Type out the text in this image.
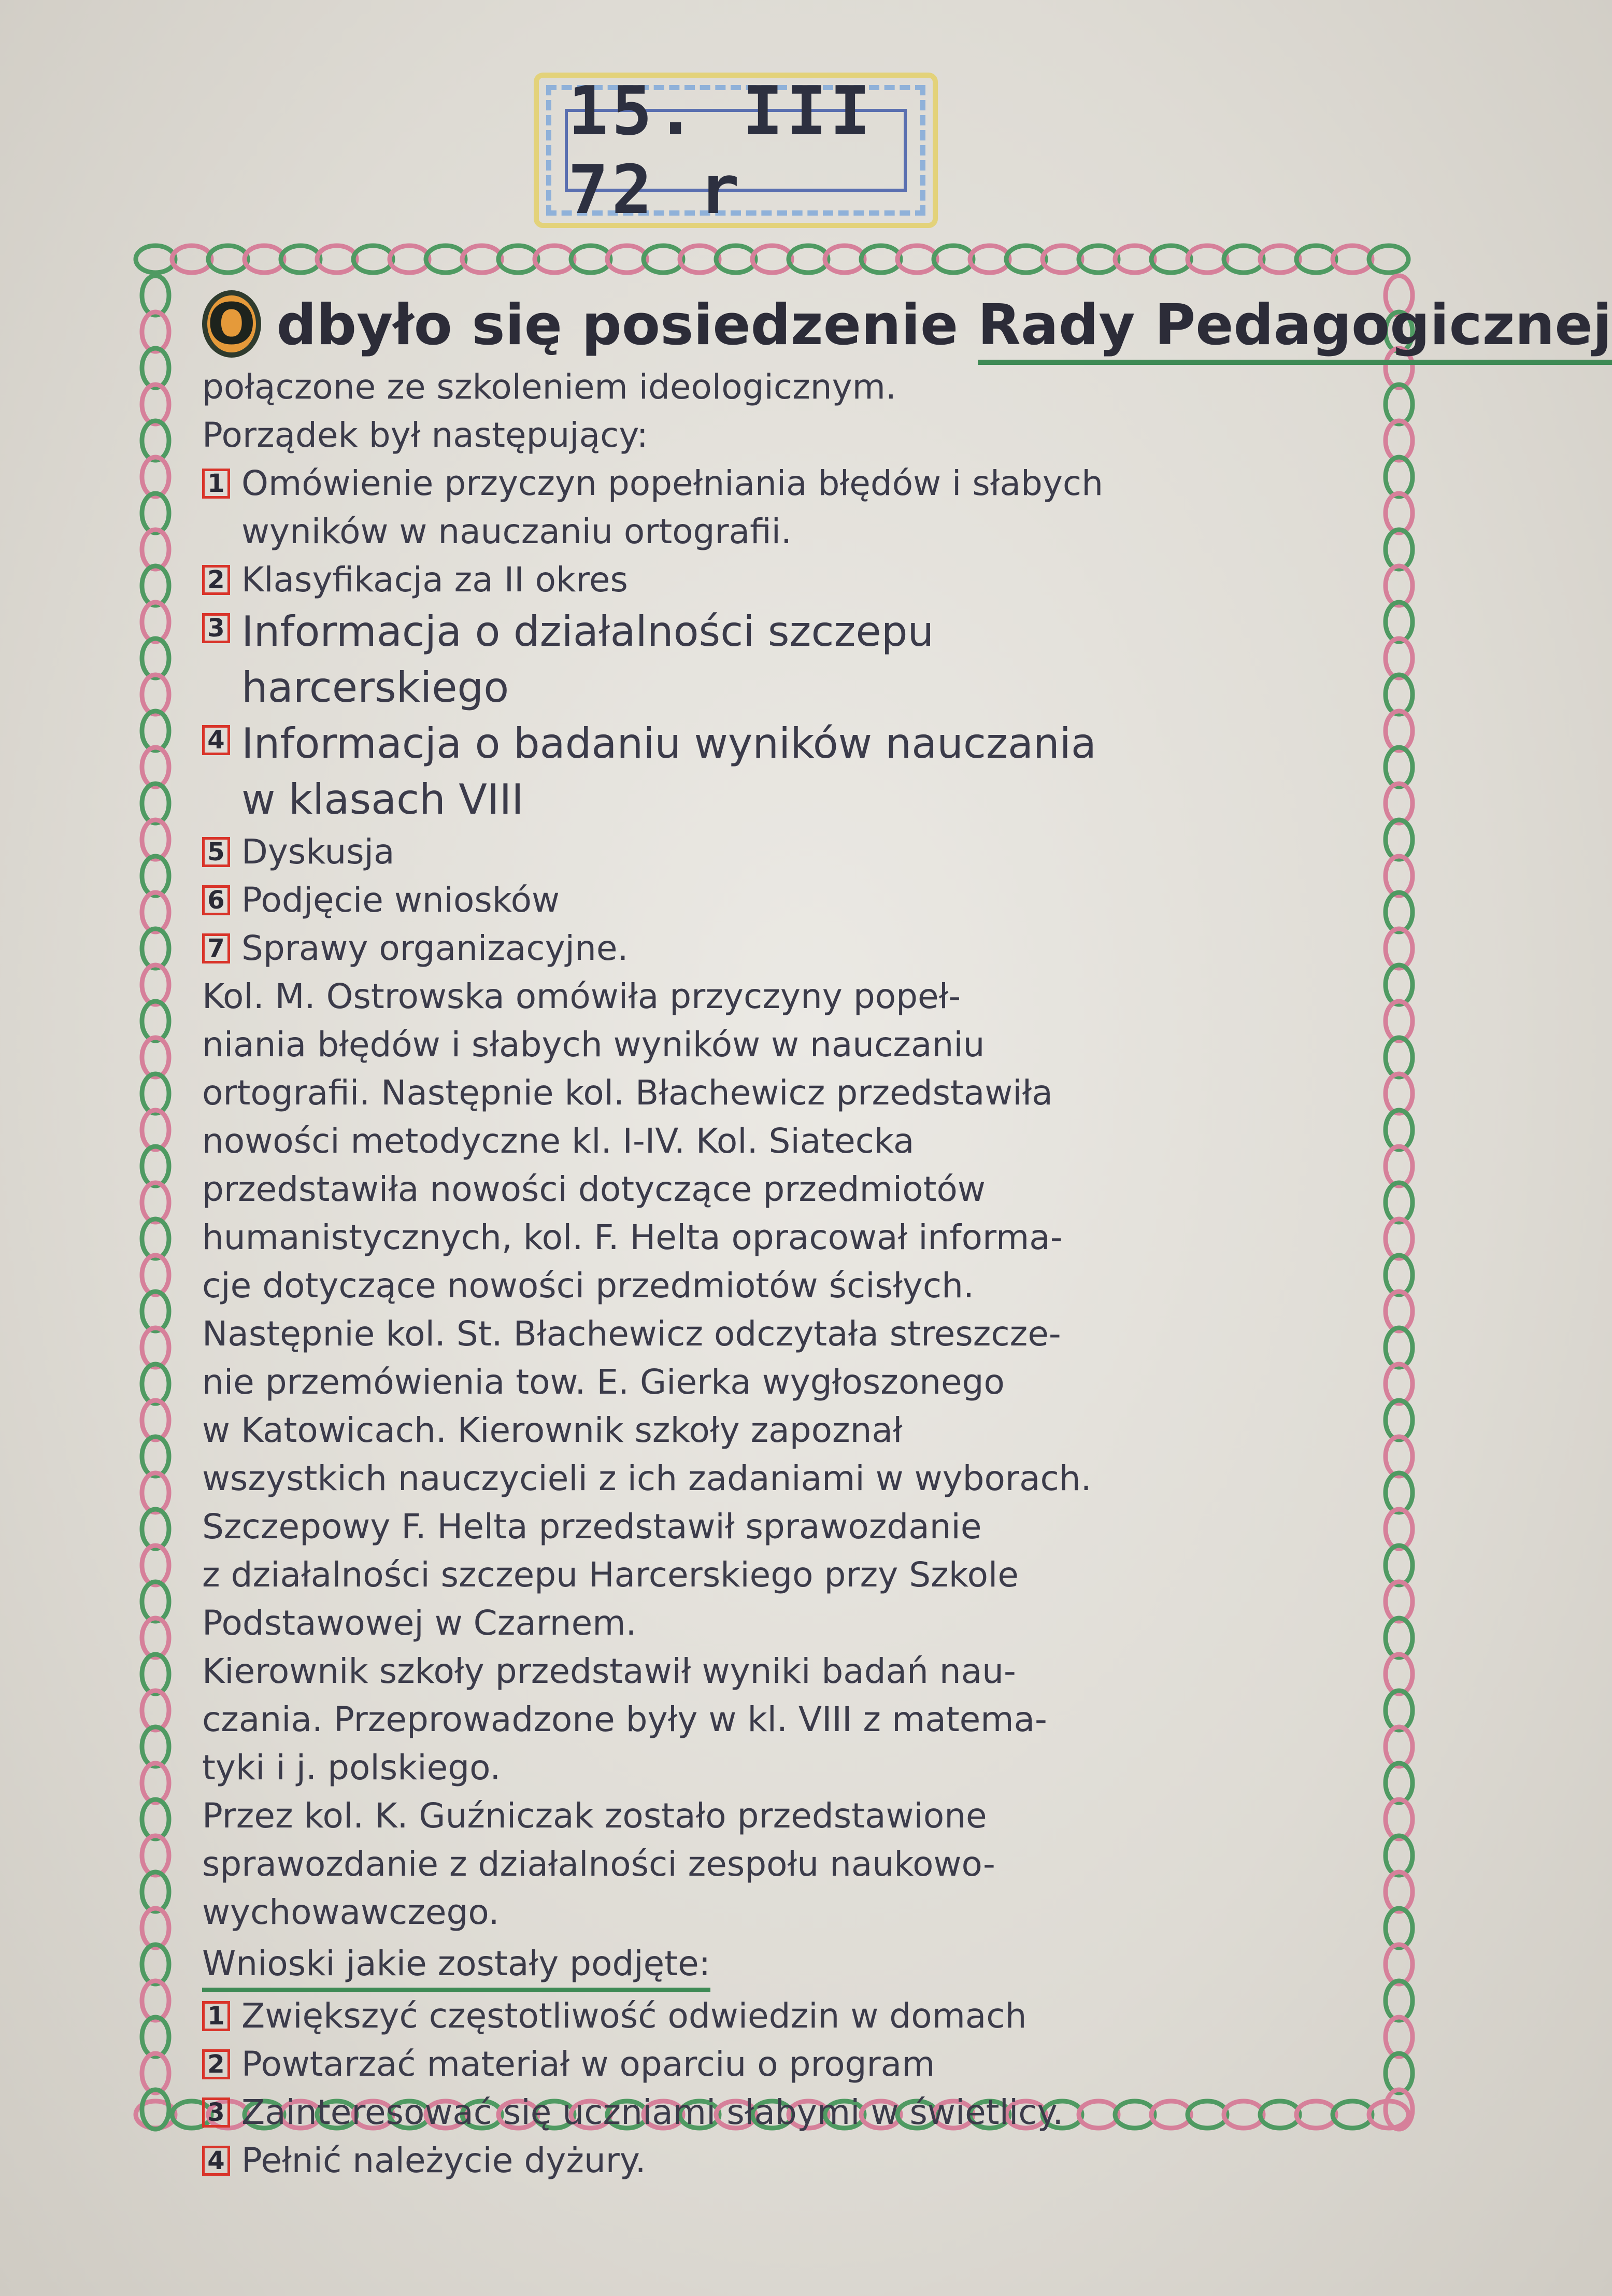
15. III 72 r
O dbyło się posiedzenie Rady Pedagogicznej
połączone ze szkoleniem ideologicznym.
Porządek był następujący:
1 Omówienie przyczyn popełniania błędów i słabych
wyników w nauczaniu ortografii.
2 Klasyfikacja za II okres
3 Informacja o działalności szczepu
harcerskiego
4 Informacja o badaniu wyników nauczania
w klasach VIII
5 Dyskusja
6 Podjęcie wniosków
7 Sprawy organizacyjne.
Kol. M. Ostrowska omówiła przyczyny popeł-
niania błędów i słabych wyników w nauczaniu
ortografii. Następnie kol. Błachewicz przedstawiła
nowości metodyczne kl. I-IV. Kol. Siatecka
przedstawiła nowości dotyczące przedmiotów
humanistycznych, kol. F. Helta opracował informa-
cje dotyczące nowości przedmiotów ścisłych.
Następnie kol. St. Błachewicz odczytała streszcze-
nie przemówienia tow. E. Gierka wygłoszonego
w Katowicach. Kierownik szkoły zapoznał
wszystkich nauczycieli z ich zadaniami w wyborach.
Szczepowy F. Helta przedstawił sprawozdanie
z działalności szczepu Harcerskiego przy Szkole
Podstawowej w Czarnem.
Kierownik szkoły przedstawił wyniki badań nau-
czania. Przeprowadzone były w kl. VIII z matema-
tyki i j. polskiego.
Przez kol. K. Guźniczak zostało przedstawione
sprawozdanie z działalności zespołu naukowo-
wychowawczego.
Wnioski jakie zostały podjęte:
1 Zwiększyć częstotliwość odwiedzin w domach
2 Powtarzać materiał w oparciu o program
3 Zainteresować się uczniami słabymi w świetlicy.
4 Pełnić należycie dyżury.
